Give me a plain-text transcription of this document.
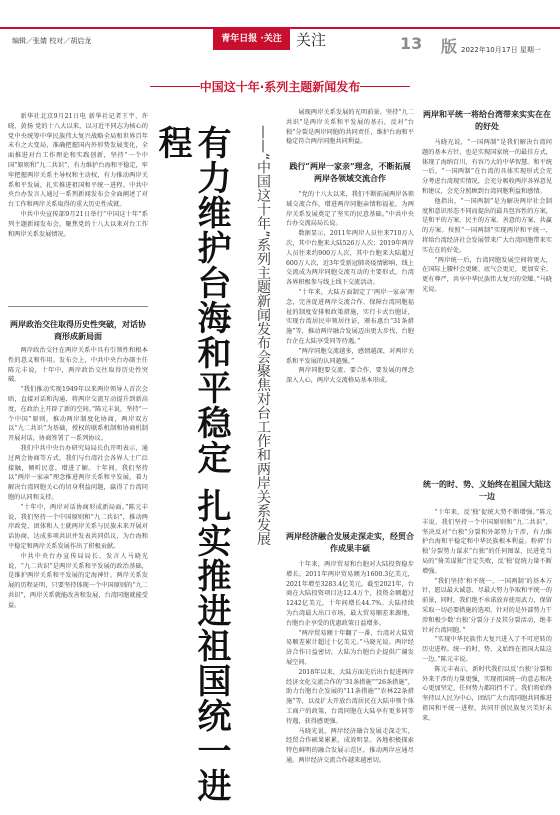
编辑／张婧 校对／胡启龙	青年日报 ·关注 关注	13 版 2022年10月17日 星期一
中国这十年·系列主题新闻发布

新华社北京9月21日电 新华社记者王宇、许晓、黄扬 党的十八大以来，以习近平同志为核心的党中央统筹中华民族伟大复兴战略全局和世界百年未有之大变局，准确把握国内外形势发展变化，全面推进对台工作理论和实践创新，坚持“一个中国”原则和“九二共识”，有力维护台海和平稳定，牢牢把握两岸关系主导权和主动权，有力推动两岸关系和平发展，扎实推进祖国和平统一进程。中共中央台办发言人通过一系列新闻发布会全面阐述了对台工作和两岸关系取得的重大历史性成就。

中共中央宣传部9月21日举行“中国这十年”系列主题新闻发布会，聚焦党的十八大以来对台工作和两岸关系发展情况。

两岸政治交往取得历史性突破，对话协商形成新局面

两岸政治交往在两岸关系中具有引领性和根本性的意义和作用。发布会上，中共中央台办副主任陈元丰说，十年中，两岸政治交往取得历史性突破。

“我们推动实现1949年以来两岸领导人首次会晤，直接对话和沟通，将两岸交流互动提升到新高度，在政治上开辟了新的空间。”陈元丰说，坚持“一个中国”原则，推动两岸制度化协商，两岸双方以“九二共识”为基础，授权的联系机制和协商机制开展对话，协商签署了一系列协议。

我们中共中央台办研究局局长仇开明表示，通过两会协商等方式，我们与台湾社会各界人士广泛接触，倾听民意，增进了解。十年间，我们坚持以“两岸一家亲”理念推进两岸关系和平发展，着力解决台湾同胞关心的切身利益问题，赢得了台湾同胞的认同和支持。

“十年中，两岸对话协商形成新局面。”陈元丰说，我们坚持一个中国原则和“九二共识”，推动两岸政党、团体和人士就两岸关系与民族未来开展对话协商，达成多项共识并发表共同倡议，为台海和平稳定和两岸关系发展作出了积极贡献。

中共中央台办宣传局局长、发言人马晓光说，“九二共识”是两岸关系和平发展的政治基础，是维护两岸关系和平发展的定海神针。两岸关系发展的历程证明，只要坚持体现一个中国原则的“九二共识”，两岸关系就能改善和发展，台湾同胞就能受益。	有力维护台海和平稳定 扎实推进祖国统一进程	——“中国这十年”系列主题新闻发布会聚焦对台工作和两岸关系发展

展现两岸关系发展的光明前景。坚持“九二共识”是两岸关系和平发展的基石，反对“台独”分裂是两岸同胞的共同责任，维护台海和平稳定符合两岸同胞共同利益。

践行“两岸一家亲”理念，不断拓展两岸各领域交流合作

“党的十八大以来，我们不断拓展两岸各领域交流合作，增进两岸同胞亲情和福祉，为两岸关系发展奠定了坚实的民意基础。”中共中央台办交流局局长说。

数据显示，2011年两岸人员往来710万人次，其中台胞来大陆526万人次；2019年两岸人员往来约900万人次，其中台胞来大陆超过600万人次，近3年受新冠肺炎疫情影响，线上交流成为两岸同胞交流互动的主要形式，台湾各界积极参与线上线下交流活动。

“十年来，大陆方面制定了‘两岸一家亲’理念，完善促进两岸交流合作、保障台湾同胞福祉的制度安排和政策措施，实行卡式台胞证，实现台湾居民申领居住证，颁布惠台“31条措施”等，推动两岸融合发展迈出更大步伐，台胞台企在大陆享受同等待遇。”

“两岸同胞交流越多，感情越深，对两岸关系和平发展的认同越强。”

两岸同胞要交流、要合作、要发展的理念深入人心，两岸大交流格局基本形成。

两岸经济融合发展走深走实，经贸合作成果丰硕

十年来，两岸贸易和台胞对大陆投资稳步增长。2011年两岸贸易额为1600.3亿美元，2021年增至3283.4亿美元。截至2021年，台商在大陆投资项目达12.4万个，投资金额超过1242亿美元，十年间增长44.7%。大陆持续为台湾最大出口市场，最大贸易顺差来源地，台胞台企享受的优惠政策日益增多。

“两岸贸易额十年翻了一番，台湾对大陆贸易顺差累计超过十亿美元。”马晓光说。两岸经济合作日益密切，大陆为台胞台企提供广阔发展空间。

2018年以来，大陆方面先后出台促进两岸经济文化交流合作的“31条措施”“26条措施”，助力台胞台企发展的“11条措施”“农林22条措施”等，以及扩大开放台湾居民在大陆申领个体工商户的政策，台湾同胞在大陆享有更多同等待遇，获得感更强。

马晓光说，两岸经济融合发展走深走实，经贸合作硕果累累，成效明显。各地积极探索特色鲜明的融合发展示范区，推动两岸应通尽通。两岸经济交流合作越来越密切。

两岸和平统一将给台湾带来实实在在的好处

马晓光说，“一国两制”是我们解决台湾问题的基本方针，也是实现国家统一的最佳方式，体现了海纳百川、有容乃大的中华智慧。和平统一后，“一国两制”在台湾的具体实现形式会充分考虑台湾现实情况，会充分吸收两岸各界意见和建议，会充分照顾到台湾同胞利益和感情。

他指出，“一国两制”是为解决两岸社会制度和意识形态不同而提出的最具包容性的方案，是和平的方案、民主的方案、善意的方案、共赢的方案。按照“一国两制”实现两岸和平统一，将给台湾经济社会发展带来广大台湾同胞带来实实在在的好处。

“两岸统一后，台湾同胞发展空间将更大，在国际上腰杆会更硬、底气会更足，更加安全、更有尊严，共享中华民族伟大复兴的荣耀。”马晓光说。

统一的时、势、义始终在祖国大陆这一边

“十年来，反‘独’促统大势不断增强。”陈元丰说，我们坚持一个中国原则和“九二共识”，坚决反对“台独”分裂和外部势力干涉，有力维护台海和平稳定和中华民族根本利益。粉碎‘台独’分裂势力谋求“台独”的任何图谋，民进党当局的“倚美谋独”注定失败，反‘独’促统力量不断增强。

“我们坚持‘和平统一、一国两制’的基本方针，愿以最大诚意、尽最大努力争取和平统一的前景，同时，我们绝不承诺放弃使用武力，保留采取一切必要措施的选项，针对的是外部势力干涉和极少数‘台独’分裂分子及其分裂活动，绝非针对台湾同胞。”

“实现中华民族伟大复兴进入了不可逆转的历史进程。统一的时、势、义始终在祖国大陆这一边。”陈元丰说。

陈元丰表示，新时代我们以反‘台独’分裂和外来干涉的力量更强，实现祖国统一的意志和决心更加坚定，任何势力都阻挡不了。我们将始终坚持以人民为中心，团结广大台湾同胞共同推进祖国和平统一进程，共同开创民族复兴美好未来。
